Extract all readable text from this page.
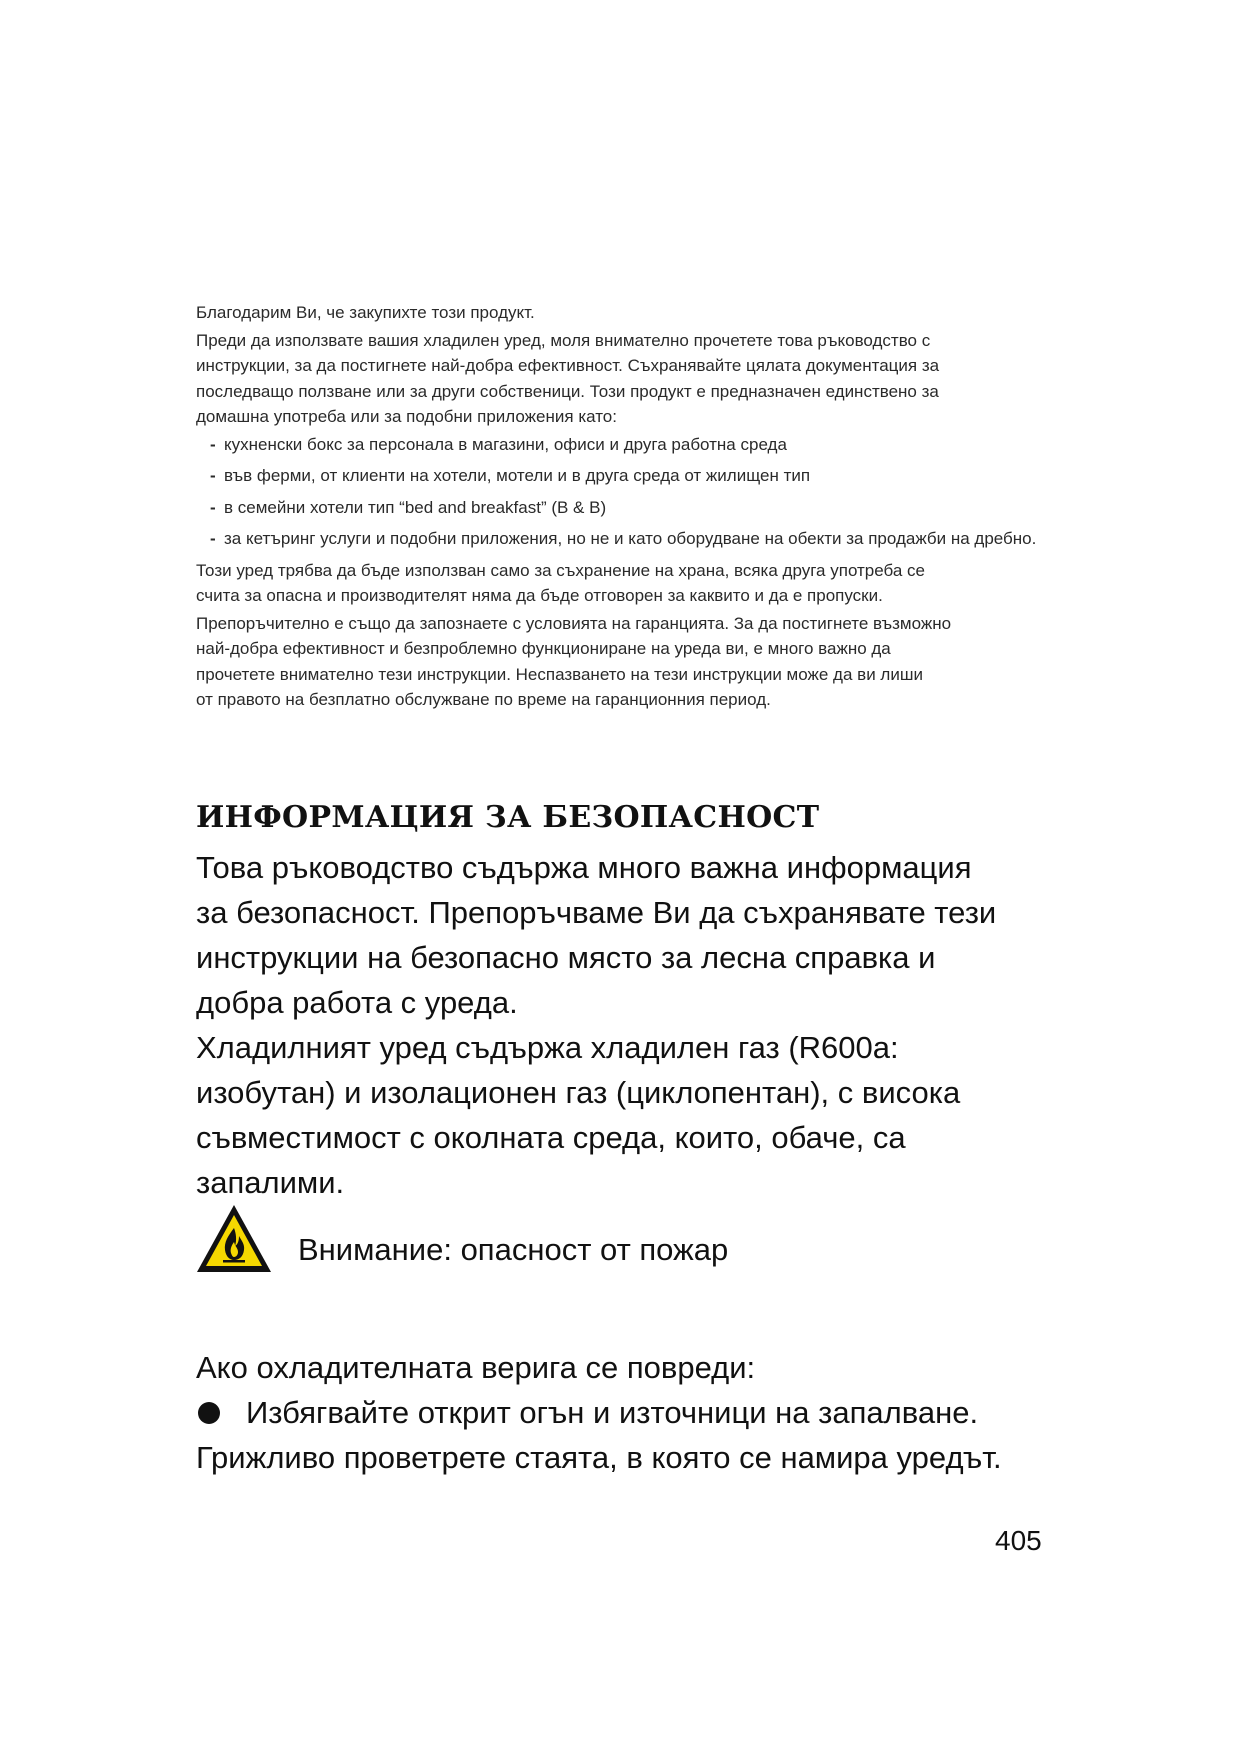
Благодарим Ви, че закупихте този продукт.

Преди да използвате вашия хладилен уред, моля внимателно прочетете това ръководство с
инструкции, за да постигнете най-добра ефективност. Съхранявайте цялата документация за
последващо ползване или за други собственици. Този продукт е предназначен единствено за
домашна употреба или за подобни приложения като:

- кухненски бокс за персонала в магазини, офиси и друга работна среда
- във ферми, от клиенти на хотели, мотели и в друга среда от жилищен тип
- в семейни хотели тип “bed and breakfast” (B & B)
- за кетъринг услуги и подобни приложения, но не и като оборудване на обекти за продажби на дребно.

Този уред трябва да бъде използван само за съхранение на храна, всяка друга употреба се
счита за опасна и производителят няма да бъде отговорен за каквито и да е пропуски.

Препоръчително е също да запознаете с условията на гаранцията. За да постигнете възможно
най-добра ефективност и безпроблемно функциониране на уреда ви, е много важно да
прочетете внимателно тези инструкции. Неспазването на тези инструкции може да ви лиши
от правото на безплатно обслужване по време на гаранционния период.

ИНФОРМАЦИЯ ЗА БЕЗОПАСНОСТ

Това ръководство съдържа много важна информация
за безопасност. Препоръчваме Ви да съхранявате тези
инструкции на безопасно място за лесна справка и
добра работа с уреда.
Хладилният уред съдържа хладилен газ (R600a:
изобутан) и изолационен газ (циклопентан), с висока
съвместимост с околната среда, които, обаче, са
запалими.

Внимание: опасност от пожар

Ако охладителната верига се повреди:

Избягвайте открит огън и източници на запалване.

Грижливо проветрете стаята, в която се намира уредът.

405
